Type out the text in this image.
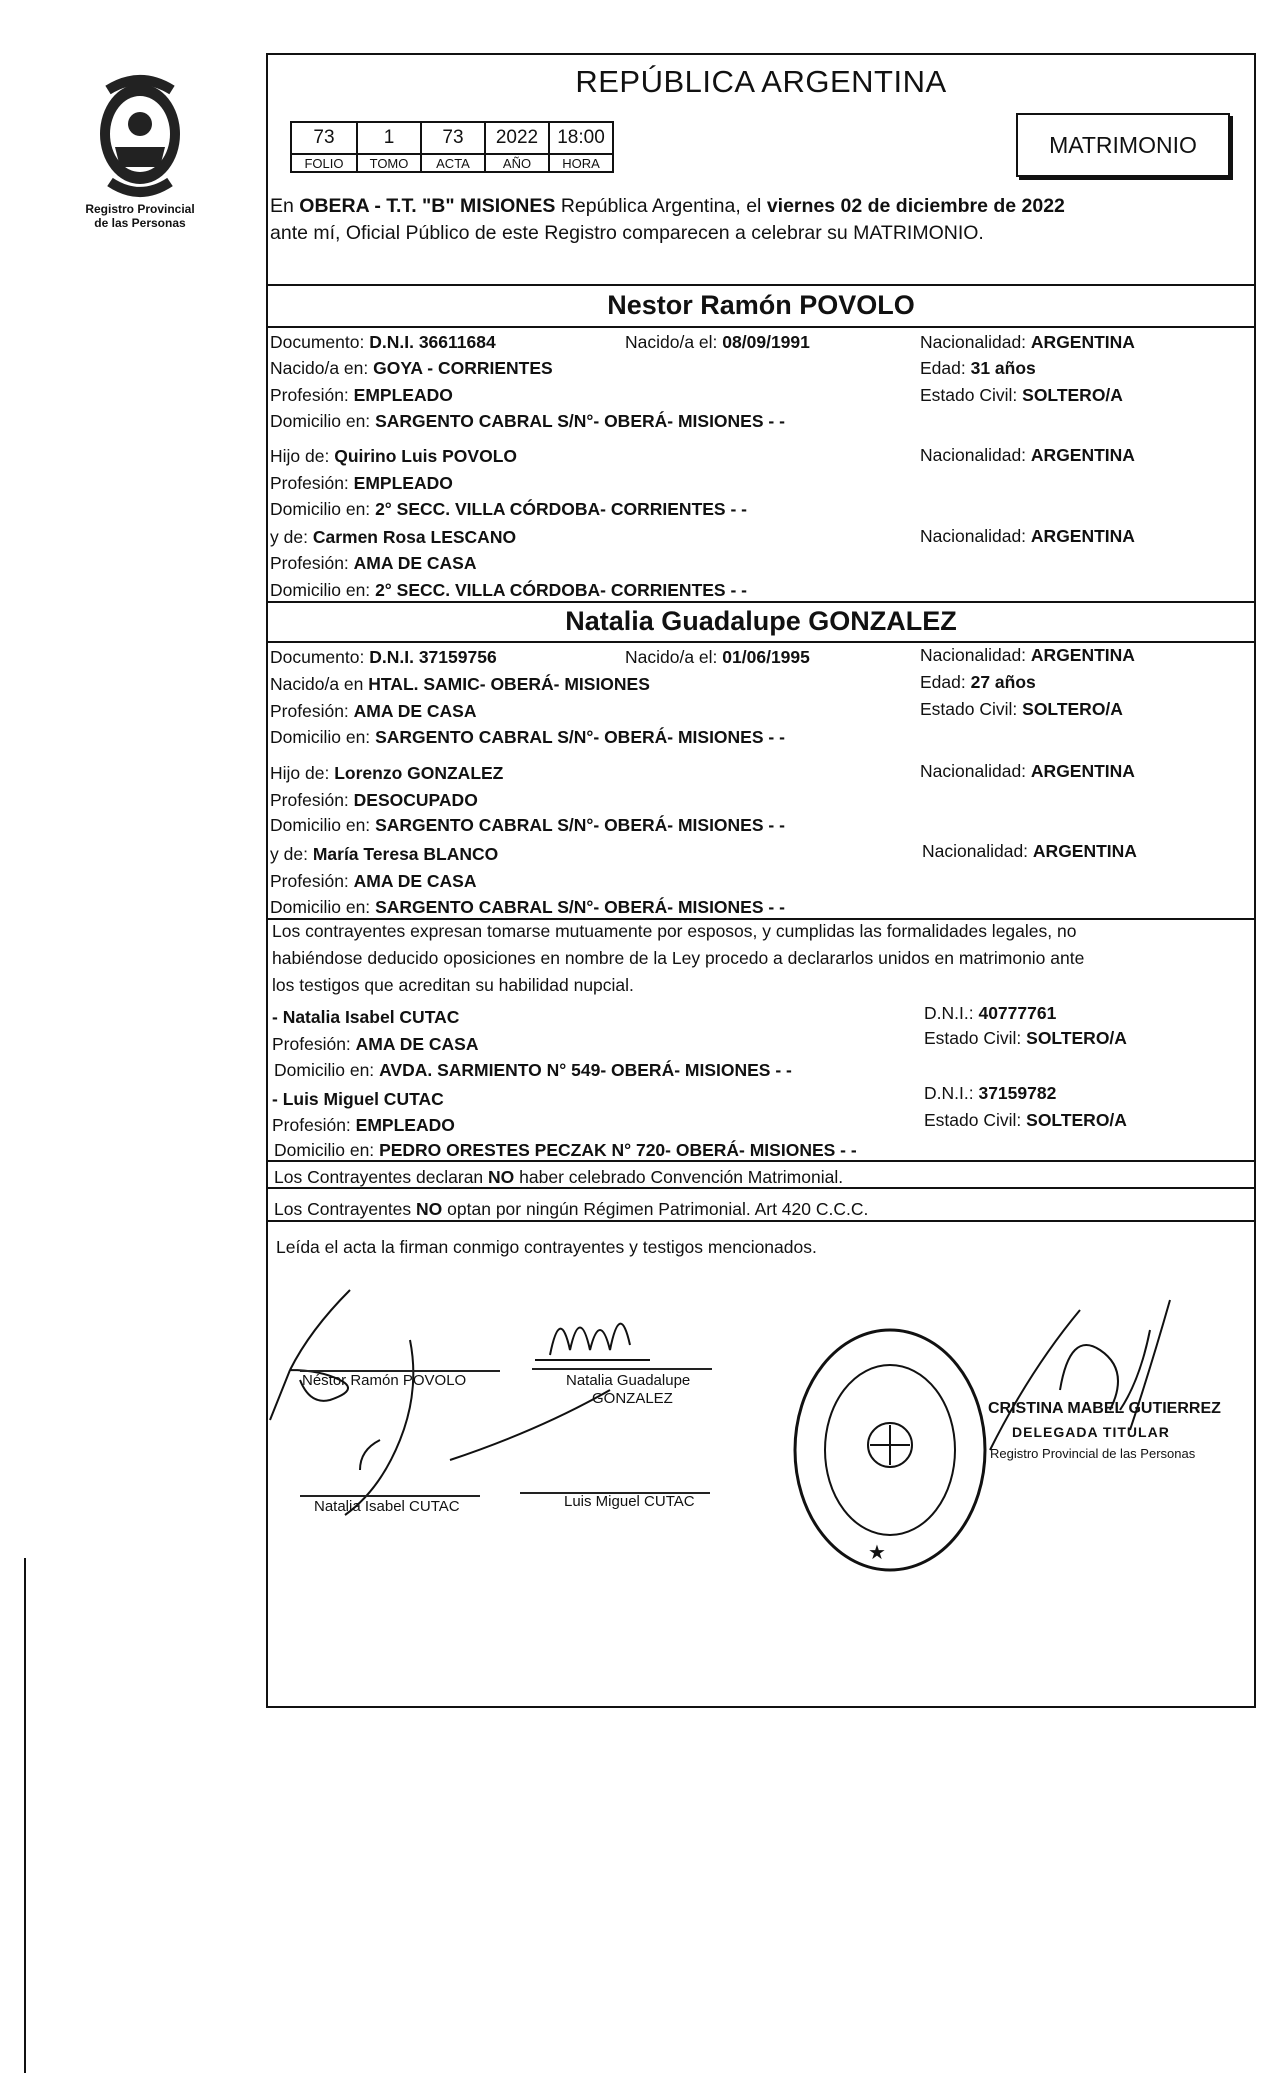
Registro Provincial
de las Personas
REPÚBLICA ARGENTINA
73	1	73	2022	18:00
FOLIO	TOMO	ACTA	AÑO	HORA
MATRIMONIO
En OBERA - T.T. "B" MISIONES República Argentina, el viernes 02 de diciembre de 2022
ante mí, Oficial Público de este Registro comparecen a celebrar su MATRIMONIO.
Nestor Ramón POVOLO
Documento: D.N.I. 36611684	Nacido/a el: 08/09/1991	Nacionalidad: ARGENTINA
Nacido/a en: GOYA - CORRIENTES	Edad: 31 años
Profesión: EMPLEADO	Estado Civil: SOLTERO/A
Domicilio en: SARGENTO CABRAL S/N°- OBERÁ- MISIONES - -
Hijo de: Quirino Luis POVOLO	Nacionalidad: ARGENTINA
Profesión: EMPLEADO
Domicilio en: 2° SECC. VILLA CÓRDOBA- CORRIENTES - -
y de: Carmen Rosa LESCANO	Nacionalidad: ARGENTINA
Profesión: AMA DE CASA
Domicilio en: 2° SECC. VILLA CÓRDOBA- CORRIENTES - -
Natalia Guadalupe GONZALEZ
Documento: D.N.I. 37159756	Nacido/a el: 01/06/1995	Nacionalidad: ARGENTINA
Nacido/a en HTAL. SAMIC- OBERÁ- MISIONES	Edad: 27 años
Profesión: AMA DE CASA	Estado Civil: SOLTERO/A
Domicilio en: SARGENTO CABRAL S/N°- OBERÁ- MISIONES - -
Hijo de: Lorenzo GONZALEZ	Nacionalidad: ARGENTINA
Profesión: DESOCUPADO
Domicilio en: SARGENTO CABRAL S/N°- OBERÁ- MISIONES - -
y de: María Teresa BLANCO	Nacionalidad: ARGENTINA
Profesión: AMA DE CASA
Domicilio en: SARGENTO CABRAL S/N°- OBERÁ- MISIONES - -
Los contrayentes expresan tomarse mutuamente por esposos, y cumplidas las formalidades legales, no
habiéndose deducido oposiciones en nombre de la Ley procedo a declararlos unidos en matrimonio ante
los testigos que acreditan su habilidad nupcial.
- Natalia Isabel CUTAC	D.N.I.: 40777761
Profesión: AMA DE CASA	Estado Civil: SOLTERO/A
Domicilio en: AVDA. SARMIENTO N° 549- OBERÁ- MISIONES - -
- Luis Miguel CUTAC	D.N.I.: 37159782
Profesión: EMPLEADO	Estado Civil: SOLTERO/A
Domicilio en: PEDRO ORESTES PECZAK N° 720- OBERÁ- MISIONES - -
Los Contrayentes declaran NO haber celebrado Convención Matrimonial.
Los Contrayentes NO optan por ningún Régimen Patrimonial. Art 420 C.C.C.
Leída el acta la firman conmigo contrayentes y testigos mencionados.
Néstor Ramón POVOLO	Natalia Guadalupe
GONZALEZ
Natalia Isabel CUTAC	Luis Miguel CUTAC
★
CRISTINA MABEL GUTIERREZ
DELEGADA TITULAR
Registro Provincial de las Personas
